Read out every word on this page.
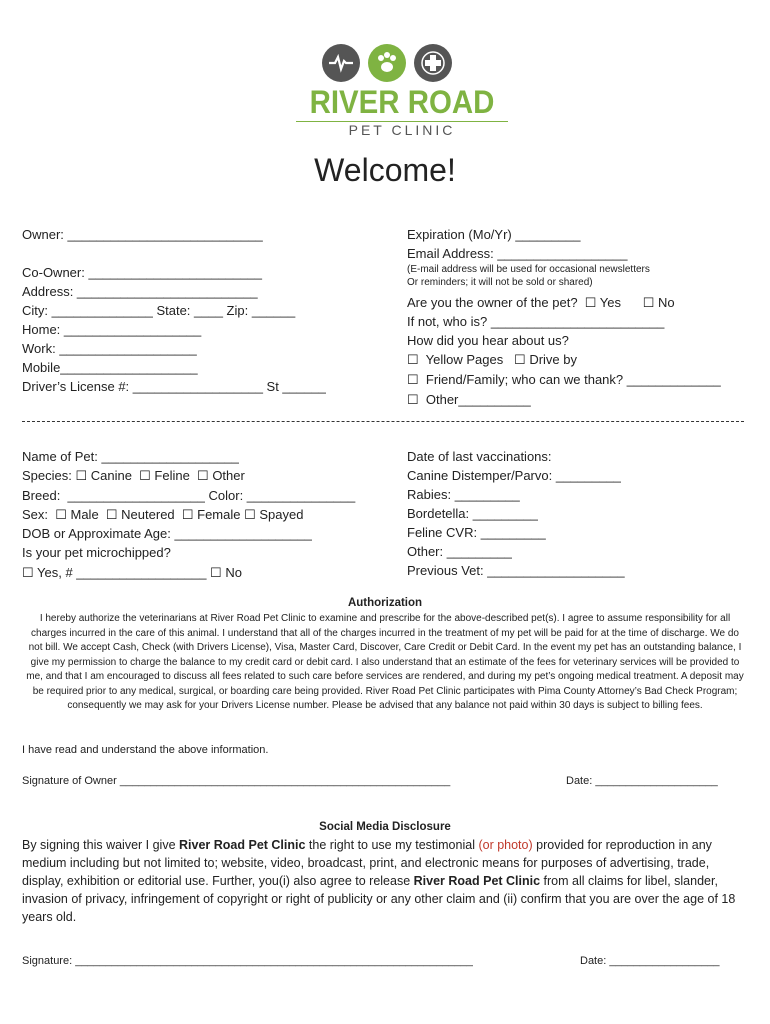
RIVER ROAD
PET CLINIC
Welcome!
Owner: ___________________________
Co-Owner: ________________________
Address: _________________________
City: ______________ State: ____ Zip: ______
Home: ___________________
Work: ___________________
Mobile___________________
Driver’s License #: __________________ St ______
Expiration (Mo/Yr) _________
Email Address: __________________
(E-mail address will be used for occasional newsletters
Or reminders; it will not be sold or shared)
Are you the owner of the pet?  ☐ Yes      ☐ No
If not, who is? ________________________
How did you hear about us?
☐  Yellow Pages   ☐ Drive by
☐  Friend/Family; who can we thank? _____________
☐  Other__________
Name of Pet: ___________________
Species: ☐ Canine  ☐ Feline  ☐ Other
Breed:  ___________________ Color: _______________
Sex:  ☐ Male  ☐ Neutered  ☐ Female ☐ Spayed
DOB or Approximate Age: ___________________
Is your pet microchipped?
☐ Yes, # __________________ ☐ No
Date of last vaccinations:
Canine Distemper/Parvo: _________
Rabies: _________
Bordetella: _________
Feline CVR: _________
Other: _________
Previous Vet: ___________________
Authorization
I hereby authorize the veterinarians at River Road Pet Clinic to examine and prescribe for the above-described pet(s). I agree to assume responsibility for all charges incurred in the care of this animal. I understand that all of the charges incurred in the treatment of my pet will be paid for at the time of discharge. We do not bill. We accept Cash, Check (with Drivers License), Visa, Master Card, Discover, Care Credit or Debit Card. In the event my pet has an outstanding balance, I give my permission to charge the balance to my credit card or debit card. I also understand that an estimate of the fees for veterinary services will be provided to me, and that I am encouraged to discuss all fees related to such care before services are rendered, and during my pet’s ongoing medical treatment. A deposit may be required prior to any medical, surgical, or boarding care being provided. River Road Pet Clinic participates with Pima County Attorney’s Bad Check Program; consequently we may ask for your Drivers License number. Please be advised that any balance not paid within 30 days is subject to billing fees.
I have read and understand the above information.
Signature of Owner ______________________________________________________	Date: ____________________
Social Media Disclosure
By signing this waiver I give River Road Pet Clinic the right to use my testimonial (or photo) provided for reproduction in any medium including but not limited to; website, video, broadcast, print, and electronic means for purposes of advertising, trade, display, exhibition or editorial use. Further, you(i) also agree to release River Road Pet Clinic from all claims for libel, slander, invasion of privacy, infringement of copyright or right of publicity or any other claim and (ii) confirm that you are over the age of 18 years old.
Signature: _________________________________________________________________	Date: __________________
